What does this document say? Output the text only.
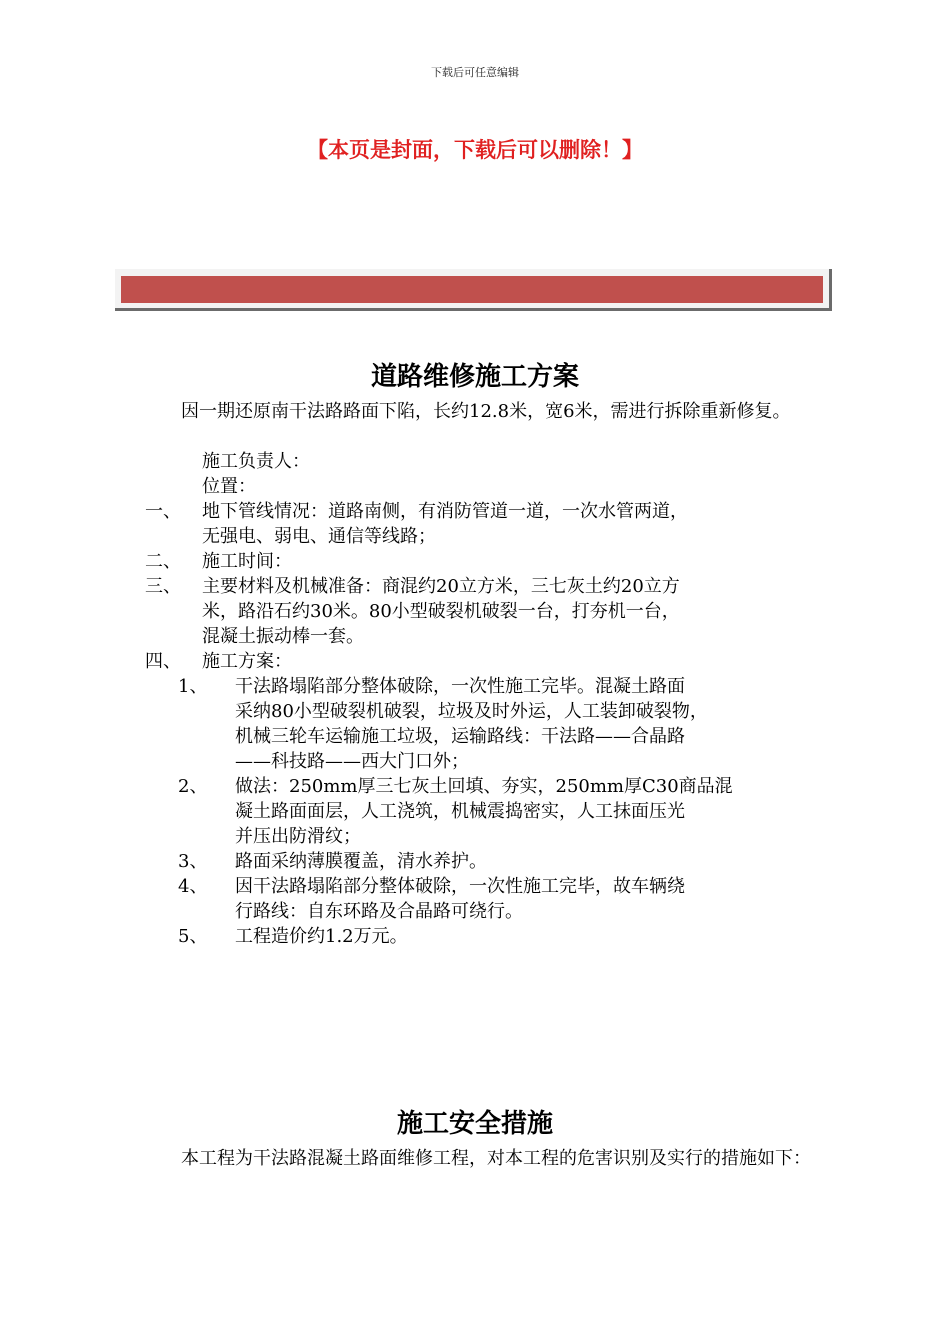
下载后可任意编辑
【本页是封面，下载后可以删除！】
道路维修施工方案
因一期还原南干法路路面下陷，长约12.8米，宽6米，需进行拆除重新修复。
施工负责人：
位置：
一、 地下管线情况：道路南侧，有消防管道一道，一次水管两道，
无强电、弱电、通信等线路；
二、 施工时间：
三、 主要材料及机械准备：商混约20立方米，三七灰土约20立方
米，路沿石约30米。80小型破裂机破裂一台，打夯机一台，
混凝土振动棒一套。
四、 施工方案：
1、 干法路塌陷部分整体破除，一次性施工完毕。混凝土路面
采纳80小型破裂机破裂，垃圾及时外运，人工装卸破裂物，
机械三轮车运输施工垃圾，运输路线：干法路——合晶路
——科技路——西大门口外；
2、 做法：250mm厚三七灰土回填、夯实，250mm厚C30商品混
凝土路面面层，人工浇筑，机械震捣密实，人工抹面压光
并压出防滑纹；
3、 路面采纳薄膜覆盖，清水养护。
4、 因干法路塌陷部分整体破除，一次性施工完毕，故车辆绕
行路线：自东环路及合晶路可绕行。
5、 工程造价约1.2万元。
施工安全措施
本工程为干法路混凝土路面维修工程，对本工程的危害识别及实行的措施如下：
